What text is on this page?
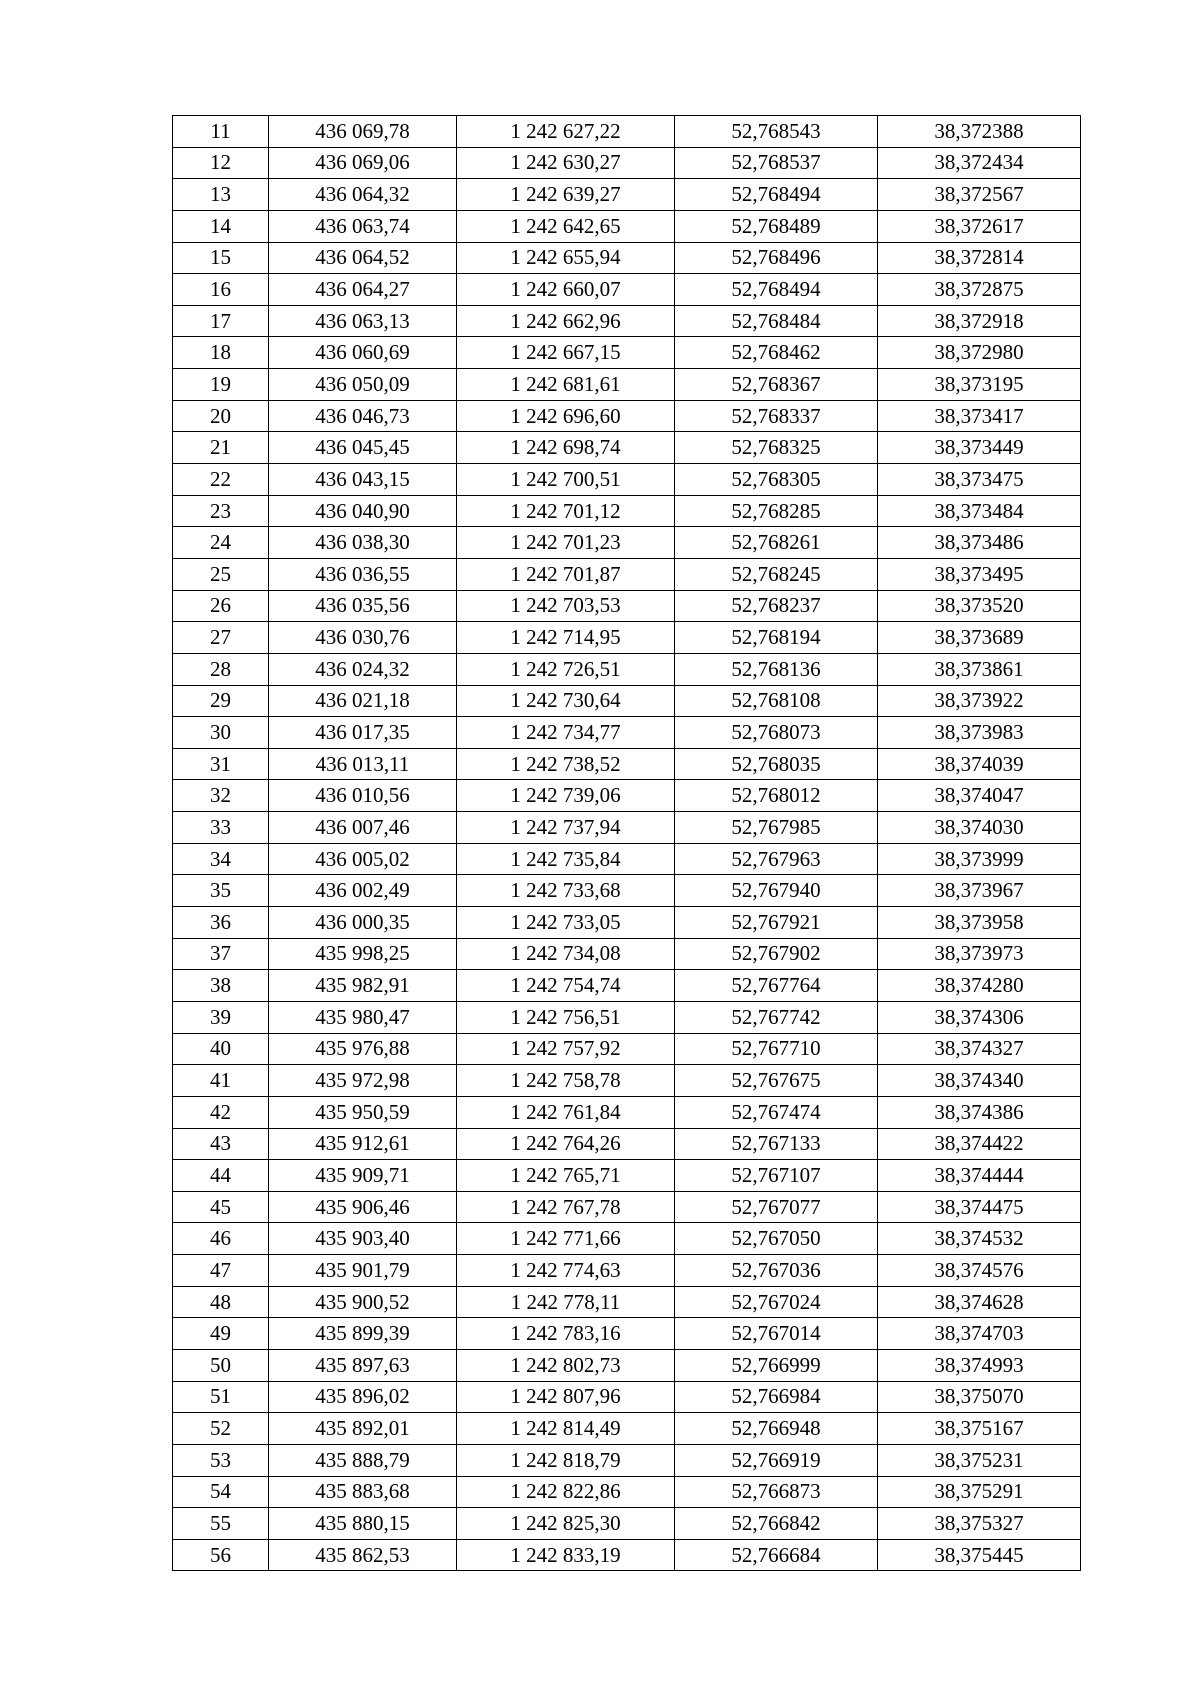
11	436 069,78	1 242 627,22	52,768543	38,372388
12	436 069,06	1 242 630,27	52,768537	38,372434
13	436 064,32	1 242 639,27	52,768494	38,372567
14	436 063,74	1 242 642,65	52,768489	38,372617
15	436 064,52	1 242 655,94	52,768496	38,372814
16	436 064,27	1 242 660,07	52,768494	38,372875
17	436 063,13	1 242 662,96	52,768484	38,372918
18	436 060,69	1 242 667,15	52,768462	38,372980
19	436 050,09	1 242 681,61	52,768367	38,373195
20	436 046,73	1 242 696,60	52,768337	38,373417
21	436 045,45	1 242 698,74	52,768325	38,373449
22	436 043,15	1 242 700,51	52,768305	38,373475
23	436 040,90	1 242 701,12	52,768285	38,373484
24	436 038,30	1 242 701,23	52,768261	38,373486
25	436 036,55	1 242 701,87	52,768245	38,373495
26	436 035,56	1 242 703,53	52,768237	38,373520
27	436 030,76	1 242 714,95	52,768194	38,373689
28	436 024,32	1 242 726,51	52,768136	38,373861
29	436 021,18	1 242 730,64	52,768108	38,373922
30	436 017,35	1 242 734,77	52,768073	38,373983
31	436 013,11	1 242 738,52	52,768035	38,374039
32	436 010,56	1 242 739,06	52,768012	38,374047
33	436 007,46	1 242 737,94	52,767985	38,374030
34	436 005,02	1 242 735,84	52,767963	38,373999
35	436 002,49	1 242 733,68	52,767940	38,373967
36	436 000,35	1 242 733,05	52,767921	38,373958
37	435 998,25	1 242 734,08	52,767902	38,373973
38	435 982,91	1 242 754,74	52,767764	38,374280
39	435 980,47	1 242 756,51	52,767742	38,374306
40	435 976,88	1 242 757,92	52,767710	38,374327
41	435 972,98	1 242 758,78	52,767675	38,374340
42	435 950,59	1 242 761,84	52,767474	38,374386
43	435 912,61	1 242 764,26	52,767133	38,374422
44	435 909,71	1 242 765,71	52,767107	38,374444
45	435 906,46	1 242 767,78	52,767077	38,374475
46	435 903,40	1 242 771,66	52,767050	38,374532
47	435 901,79	1 242 774,63	52,767036	38,374576
48	435 900,52	1 242 778,11	52,767024	38,374628
49	435 899,39	1 242 783,16	52,767014	38,374703
50	435 897,63	1 242 802,73	52,766999	38,374993
51	435 896,02	1 242 807,96	52,766984	38,375070
52	435 892,01	1 242 814,49	52,766948	38,375167
53	435 888,79	1 242 818,79	52,766919	38,375231
54	435 883,68	1 242 822,86	52,766873	38,375291
55	435 880,15	1 242 825,30	52,766842	38,375327
56	435 862,53	1 242 833,19	52,766684	38,375445
